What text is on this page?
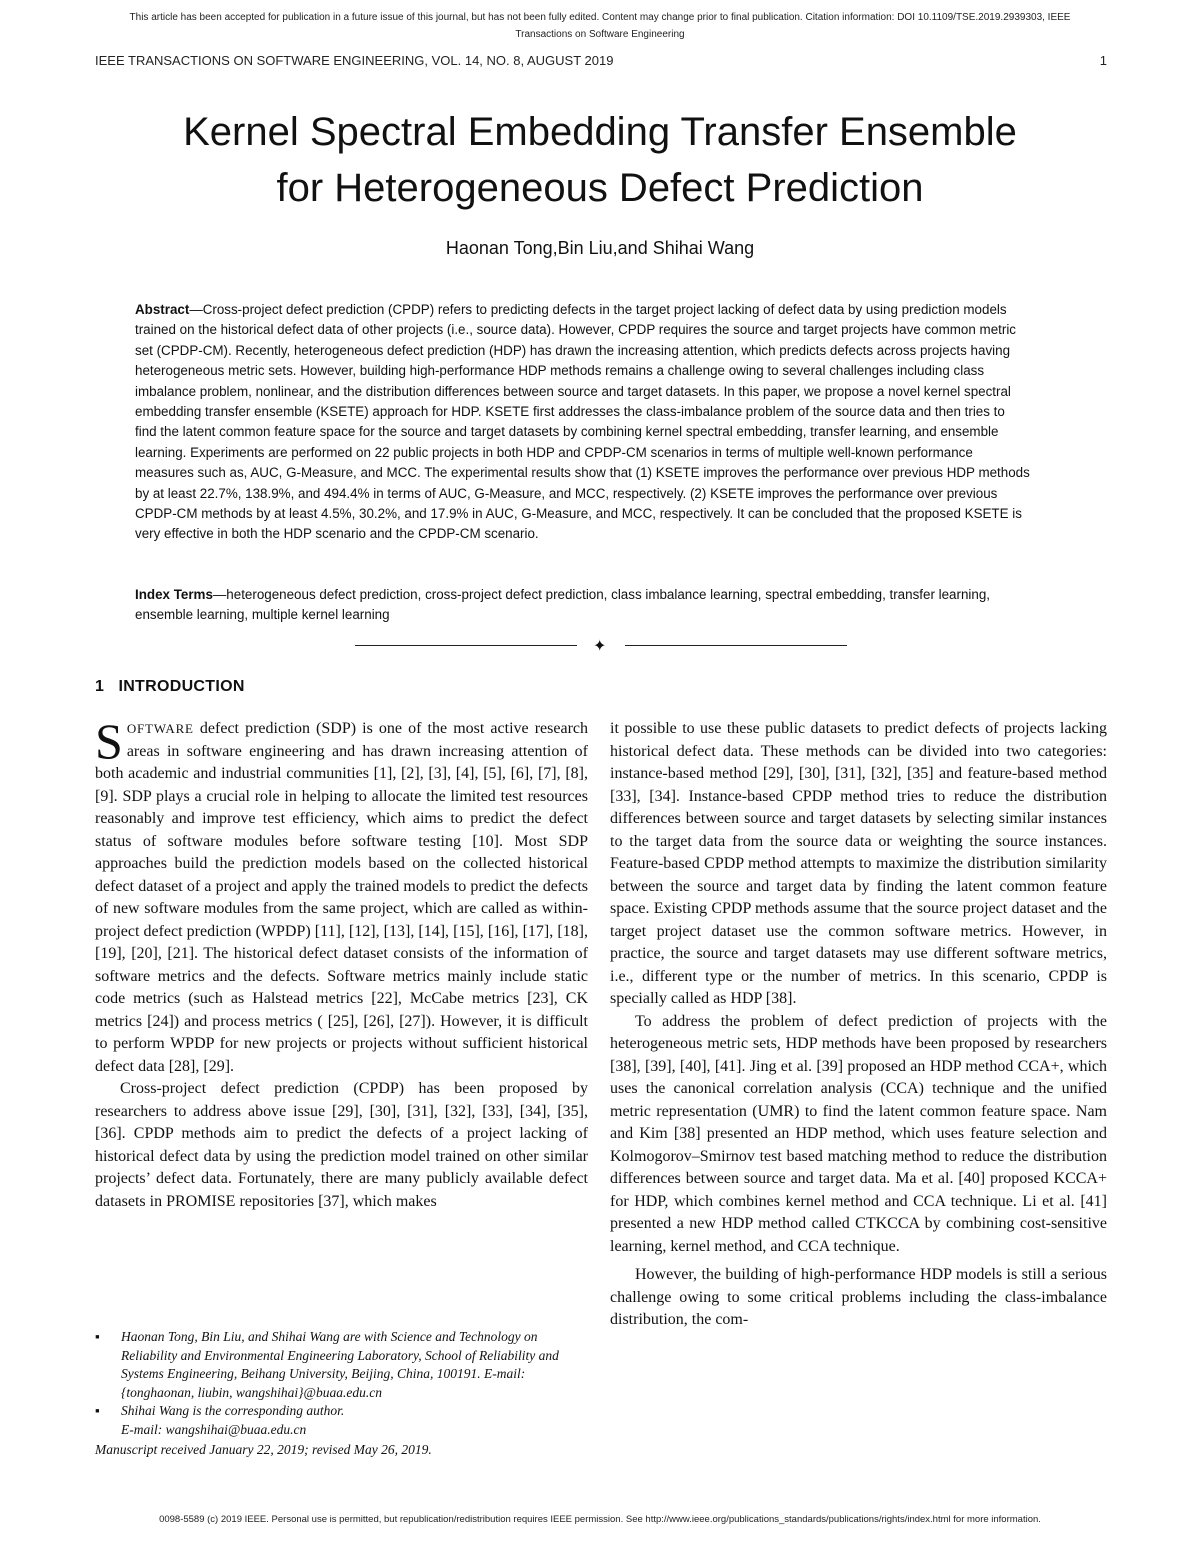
This article has been accepted for publication in a future issue of this journal, but has not been fully edited. Content may change prior to final publication. Citation information: DOI 10.1109/TSE.2019.2939303, IEEE
Transactions on Software Engineering
IEEE TRANSACTIONS ON SOFTWARE ENGINEERING, VOL. 14, NO. 8, AUGUST 2019	1
Kernel Spectral Embedding Transfer Ensemble
for Heterogeneous Defect Prediction
Haonan Tong,Bin Liu,and Shihai Wang

Abstract—Cross-project defect prediction (CPDP) refers to predicting defects in the target project lacking of defect data by using prediction models trained on the historical defect data of other projects (i.e., source data). However, CPDP requires the source and target projects have common metric set (CPDP-CM). Recently, heterogeneous defect prediction (HDP) has drawn the increasing attention, which predicts defects across projects having heterogeneous metric sets. However, building high-performance HDP methods remains a challenge owing to several challenges including class imbalance problem, nonlinear, and the distribution differences between source and target datasets. In this paper, we propose a novel kernel spectral embedding transfer ensemble (KSETE) approach for HDP. KSETE first addresses the class-imbalance problem of the source data and then tries to find the latent common feature space for the source and target datasets by combining kernel spectral embedding, transfer learning, and ensemble learning. Experiments are performed on 22 public projects in both HDP and CPDP-CM scenarios in terms of multiple well-known performance measures such as, AUC, G-Measure, and MCC. The experimental results show that (1) KSETE improves the performance over previous HDP methods by at least 22.7%, 138.9%, and 494.4% in terms of AUC, G-Measure, and MCC, respectively. (2) KSETE improves the performance over previous CPDP-CM methods by at least 4.5%, 30.2%, and 17.9% in AUC, G-Measure, and MCC, respectively. It can be concluded that the proposed KSETE is very effective in both the HDP scenario and the CPDP-CM scenario.

Index Terms—heterogeneous defect prediction, cross-project defect prediction, class imbalance learning, spectral embedding, transfer learning, ensemble learning, multiple kernel learning

✦
1 INTRODUCTION

SOFTWARE defect prediction (SDP) is one of the most active research areas in software engineering and has drawn increasing attention of both academic and industrial communities [1], [2], [3], [4], [5], [6], [7], [8], [9]. SDP plays a crucial role in helping to allocate the limited test resources reasonably and improve test efficiency, which aims to predict the defect status of software modules before software testing [10]. Most SDP approaches build the prediction models based on the collected historical defect dataset of a project and apply the trained models to predict the defects of new software modules from the same project, which are called as within-project defect prediction (WPDP) [11], [12], [13], [14], [15], [16], [17], [18], [19], [20], [21]. The historical defect dataset consists of the information of software metrics and the defects. Software metrics mainly include static code metrics (such as Halstead metrics [22], McCabe metrics [23], CK metrics [24]) and process metrics ( [25], [26], [27]). However, it is difficult to perform WPDP for new projects or projects without sufficient historical defect data [28], [29].

Cross-project defect prediction (CPDP) has been proposed by researchers to address above issue [29], [30], [31], [32], [33], [34], [35], [36]. CPDP methods aim to predict the defects of a project lacking of historical defect data by using the prediction model trained on other similar projects’ defect data. Fortunately, there are many publicly available defect datasets in PROMISE repositories [37], which makes

it possible to use these public datasets to predict defects of projects lacking historical defect data. These methods can be divided into two categories: instance-based method [29], [30], [31], [32], [35] and feature-based method [33], [34]. Instance-based CPDP method tries to reduce the distribution differences between source and target datasets by selecting similar instances to the target data from the source data or weighting the source instances. Feature-based CPDP method attempts to maximize the distribution similarity between the source and target data by finding the latent common feature space. Existing CPDP methods assume that the source project dataset and the target project dataset use the common software metrics. However, in practice, the source and target datasets may use different software metrics, i.e., different type or the number of metrics. In this scenario, CPDP is specially called as HDP [38].

To address the problem of defect prediction of projects with the heterogeneous metric sets, HDP methods have been proposed by researchers [38], [39], [40], [41]. Jing et al. [39] proposed an HDP method CCA+, which uses the canonical correlation analysis (CCA) technique and the unified metric representation (UMR) to find the latent common feature space. Nam and Kim [38] presented an HDP method, which uses feature selection and Kolmogorov–Smirnov test based matching method to reduce the distribution differences between source and target data. Ma et al. [40] proposed KCCA+ for HDP, which combines kernel method and CCA technique. Li et al. [41] presented a new HDP method called CTKCCA by combining cost-sensitive learning, kernel method, and CCA technique.

However, the building of high-performance HDP models is still a serious challenge owing to some critical problems including the class-imbalance distribution, the com-

▪ Haonan Tong, Bin Liu, and Shihai Wang are with Science and Technology on Reliability and Environmental Engineering Laboratory, School of Reliability and Systems Engineering, Beihang University, Beijing, China, 100191. E-mail: {tonghaonan, liubin, wangshihai}@buaa.edu.cn
▪ Shihai Wang is the corresponding author.
E-mail: wangshihai@buaa.edu.cn
Manuscript received January 22, 2019; revised May 26, 2019.
0098-5589 (c) 2019 IEEE. Personal use is permitted, but republication/redistribution requires IEEE permission. See http://www.ieee.org/publications_standards/publications/rights/index.html for more information.
